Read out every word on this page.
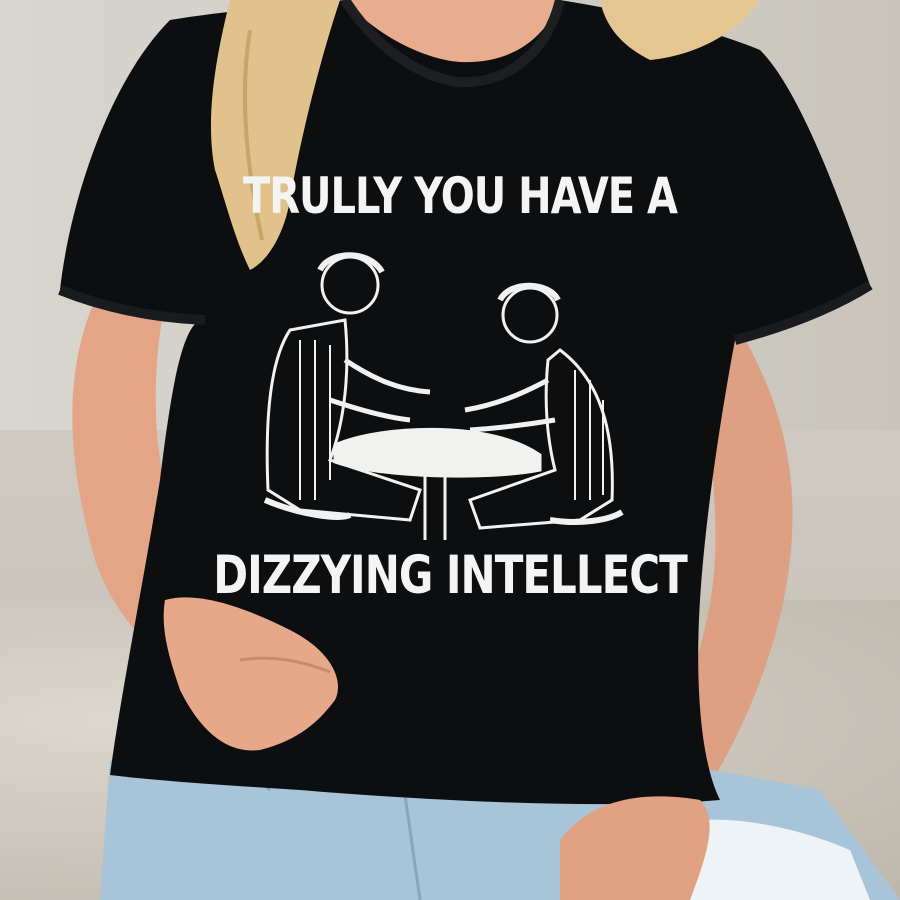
TRULLY YOU HAVE A
DIZZYING INTELLECT
